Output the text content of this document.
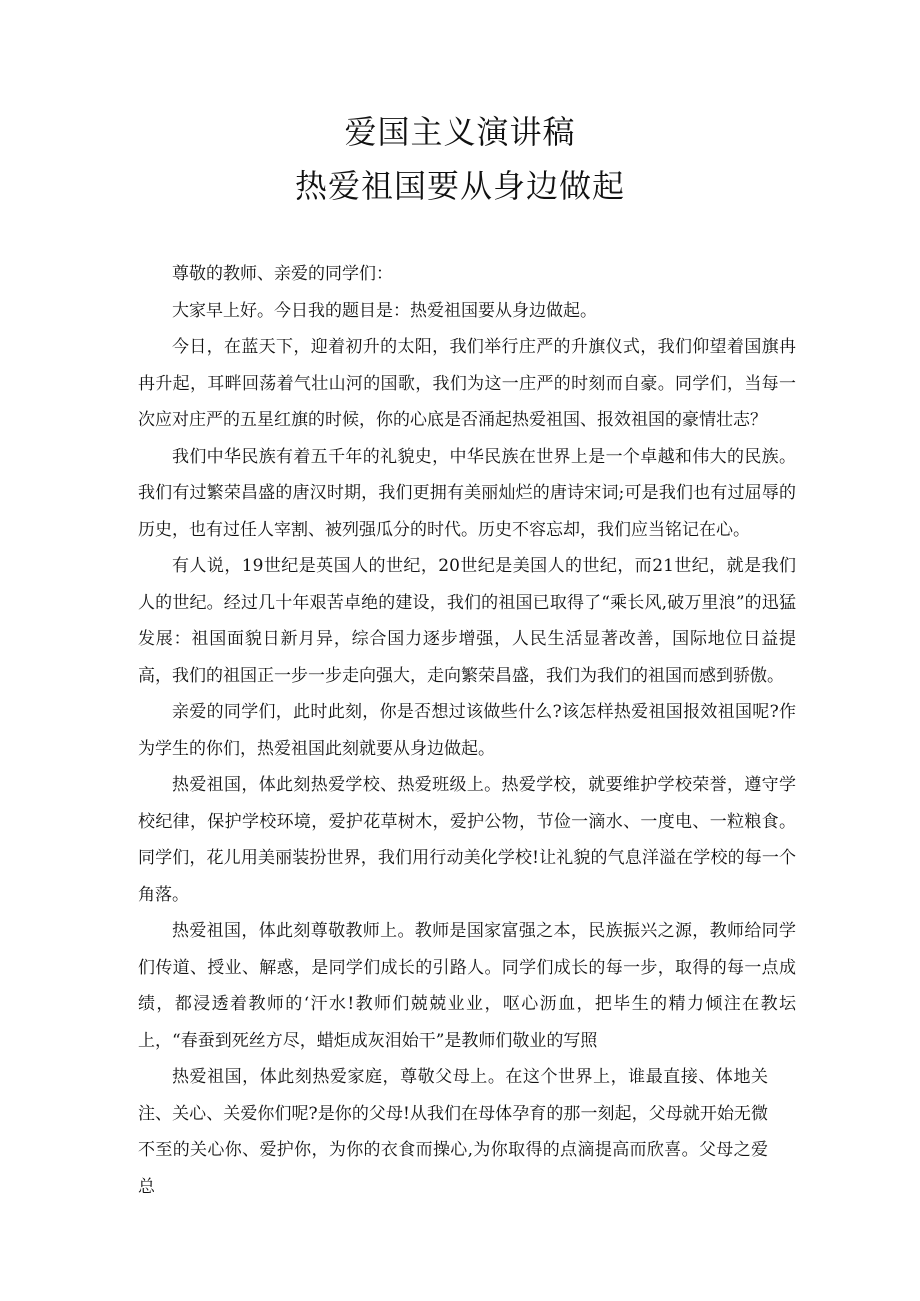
爱国主义演讲稿
热爱祖国要从身边做起

尊敬的教师、亲爱的同学们：

大家早上好。今日我的题目是：热爱祖国要从身边做起。

今日，在蓝天下，迎着初升的太阳，我们举行庄严的升旗仪式，我们仰望着国旗冉冉升起，耳畔回荡着气壮山河的国歌，我们为这一庄严的时刻而自豪。同学们，当每一次应对庄严的五星红旗的时候，你的心底是否涌起热爱祖国、报效祖国的豪情壮志？

我们中华民族有着五千年的礼貌史，中华民族在世界上是一个卓越和伟大的民族。我们有过繁荣昌盛的唐汉时期，我们更拥有美丽灿烂的唐诗宋词;可是我们也有过屈辱的历史，也有过任人宰割、被列强瓜分的时代。历史不容忘却，我们应当铭记在心。

有人说，19世纪是英国人的世纪，20世纪是美国人的世纪，而21世纪，就是我们人的世纪。经过几十年艰苦卓绝的建设，我们的祖国已取得了“乘长风,破万里浪”的迅猛发展：祖国面貌日新月异，综合国力逐步增强，人民生活显著改善，国际地位日益提高，我们的祖国正一步一步走向强大，走向繁荣昌盛，我们为我们的祖国而感到骄傲。

亲爱的同学们，此时此刻，你是否想过该做些什么?该怎样热爱祖国报效祖国呢?作为学生的你们，热爱祖国此刻就要从身边做起。

热爱祖国，体此刻热爱学校、热爱班级上。热爱学校，就要维护学校荣誉，遵守学校纪律，保护学校环境，爱护花草树木，爱护公物，节俭一滴水、一度电、一粒粮食。同学们，花儿用美丽装扮世界，我们用行动美化学校!让礼貌的气息洋溢在学校的每一个角落。

热爱祖国，体此刻尊敬教师上。教师是国家富强之本，民族振兴之源，教师给同学们传道、授业、解惑，是同学们成长的引路人。同学们成长的每一步，取得的每一点成绩，都浸透着教师的‘汗水!教师们兢兢业业，呕心沥血，把毕生的精力倾注在教坛上，“春蚕到死丝方尽，蜡炬成灰泪始干”是教师们敬业的写照

热爱祖国，体此刻热爱家庭，尊敬父母上。在这个世界上，谁最直接、体地关注、关心、关爱你们呢?是你的父母!从我们在母体孕育的那一刻起，父母就开始无微不至的关心你、爱护你，为你的衣食而操心,为你取得的点滴提高而欣喜。父母之爱总
